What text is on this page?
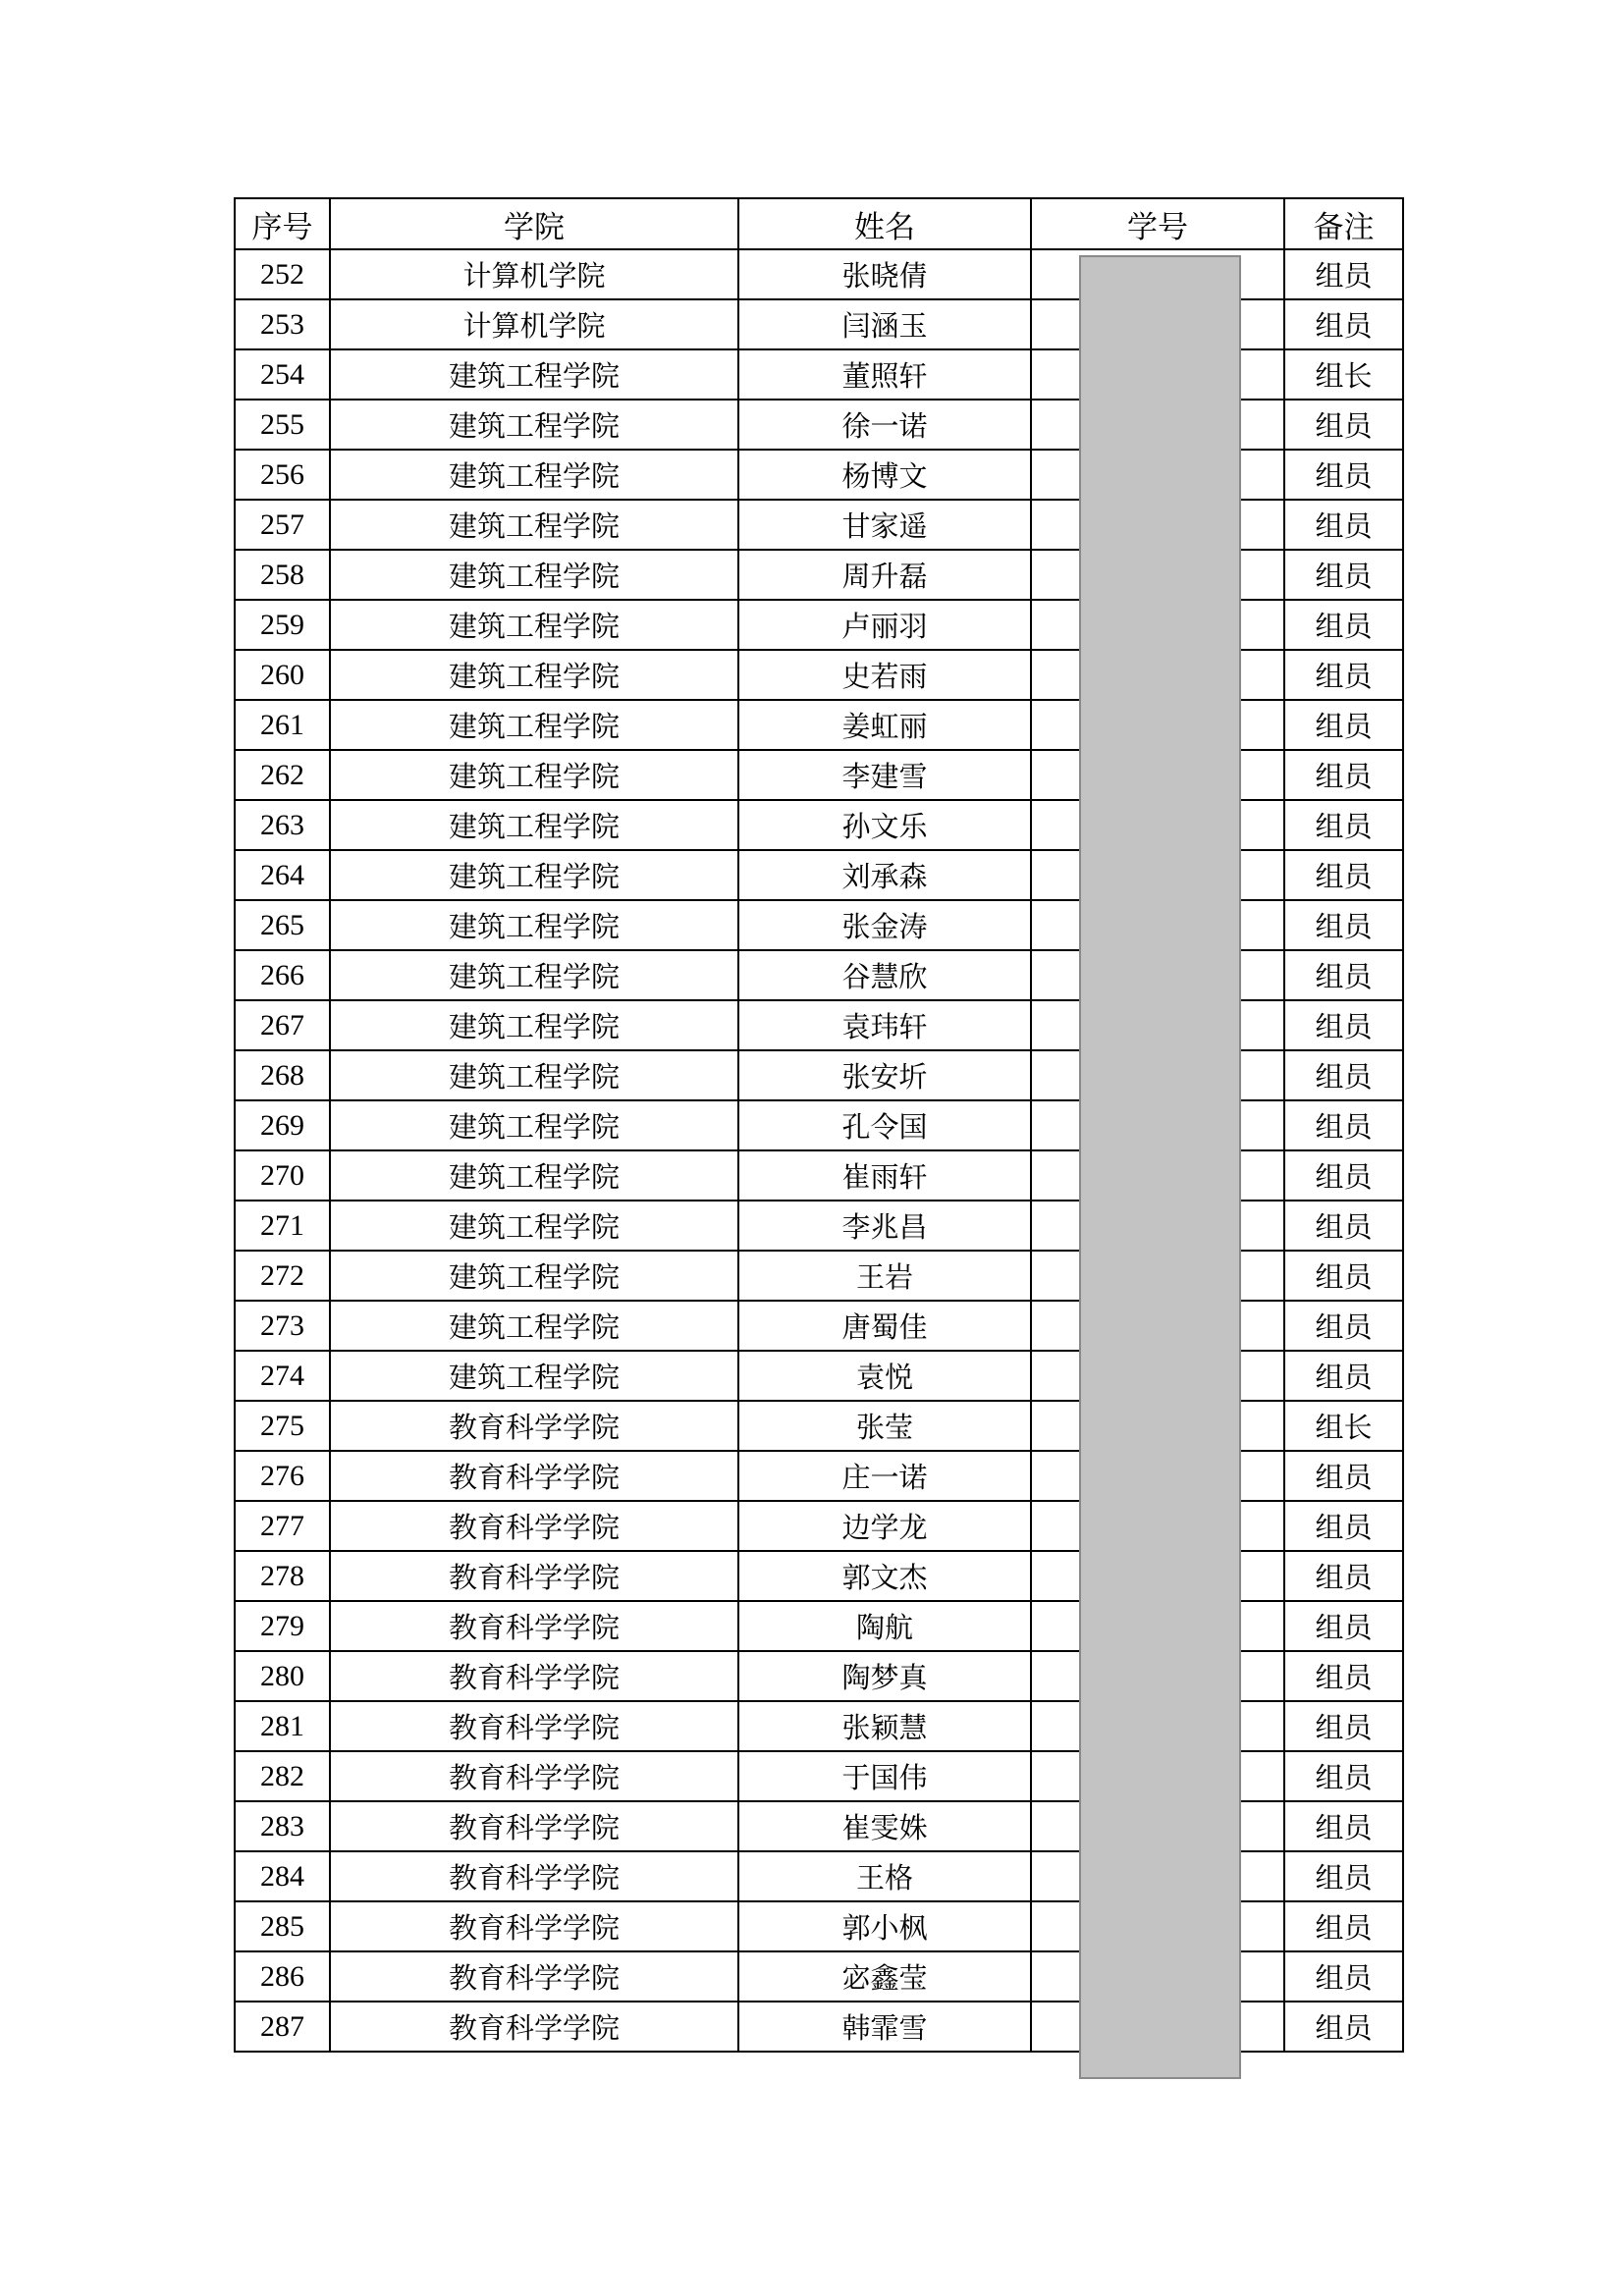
序号	学院	姓名	学号	备注
252	计算机学院	张晓倩		组员
253	计算机学院	闫涵玉		组员
254	建筑工程学院	董照轩		组长
255	建筑工程学院	徐一诺		组员
256	建筑工程学院	杨博文		组员
257	建筑工程学院	甘家遥		组员
258	建筑工程学院	周升磊		组员
259	建筑工程学院	卢丽羽		组员
260	建筑工程学院	史若雨		组员
261	建筑工程学院	姜虹丽		组员
262	建筑工程学院	李建雪		组员
263	建筑工程学院	孙文乐		组员
264	建筑工程学院	刘承森		组员
265	建筑工程学院	张金涛		组员
266	建筑工程学院	谷慧欣		组员
267	建筑工程学院	袁玮轩		组员
268	建筑工程学院	张安圻		组员
269	建筑工程学院	孔令国		组员
270	建筑工程学院	崔雨轩		组员
271	建筑工程学院	李兆昌		组员
272	建筑工程学院	王岩		组员
273	建筑工程学院	唐蜀佳		组员
274	建筑工程学院	袁悦		组员
275	教育科学学院	张莹		组长
276	教育科学学院	庄一诺		组员
277	教育科学学院	边学龙		组员
278	教育科学学院	郭文杰		组员
279	教育科学学院	陶航		组员
280	教育科学学院	陶梦真		组员
281	教育科学学院	张颖慧		组员
282	教育科学学院	于国伟		组员
283	教育科学学院	崔雯姝		组员
284	教育科学学院	王格		组员
285	教育科学学院	郭小枫		组员
286	教育科学学院	宓鑫莹		组员
287	教育科学学院	韩霏雪		组员
